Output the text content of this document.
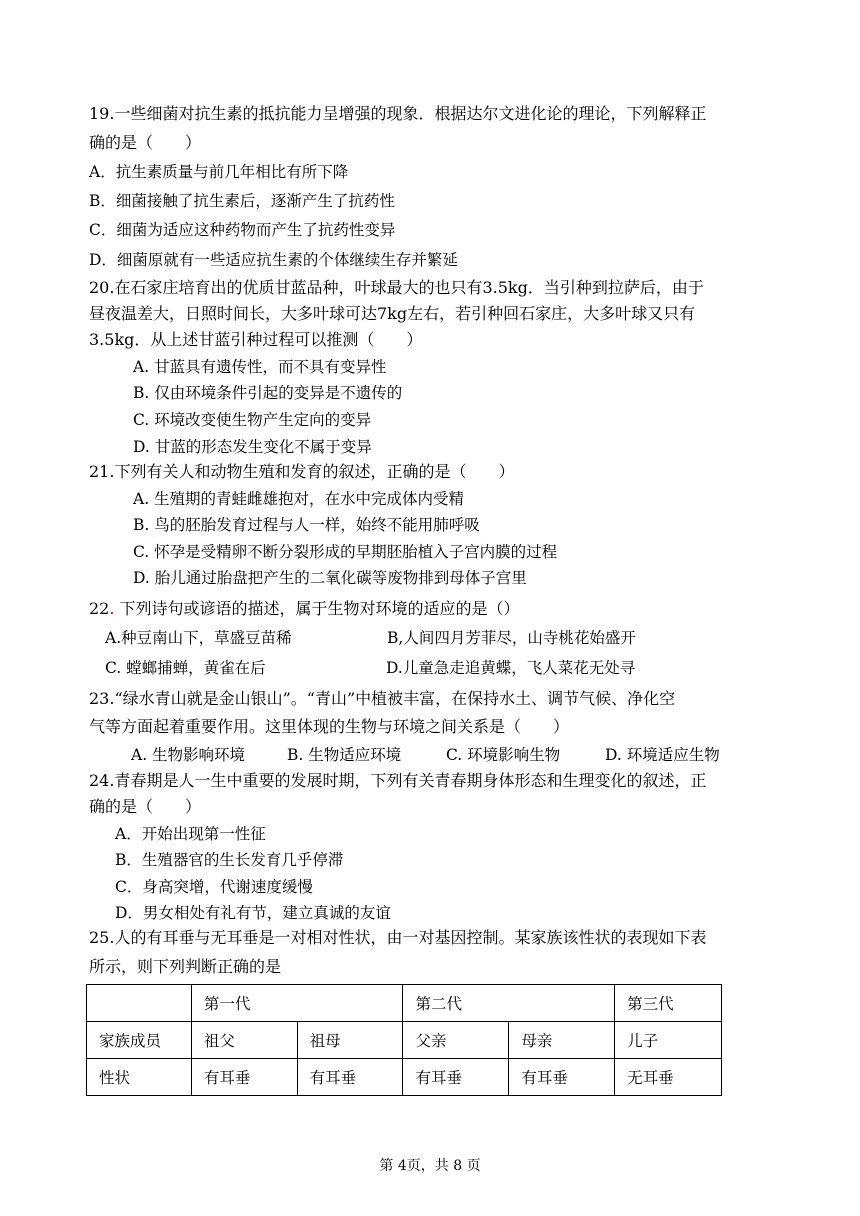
19.一些细菌对抗生素的抵抗能力呈增强的现象．根据达尔文进化论的理论，下列解释正
确的是（　　）
A．抗生素质量与前几年相比有所下降
B．细菌接触了抗生素后，逐渐产生了抗药性
C．细菌为适应这种药物而产生了抗药性变异
D．细菌原就有一些适应抗生素的个体继续生存并繁延
20.在石家庄培育出的优质甘蓝品种，叶球最大的也只有3.5kg．当引种到拉萨后，由于
昼夜温差大，日照时间长，大多叶球可达7kg左右，若引种回石家庄，大多叶球又只有
3.5kg．从上述甘蓝引种过程可以推测（　　）
A. 甘蓝具有遗传性，而不具有变异性
B. 仅由环境条件引起的变异是不遗传的
C. 环境改变使生物产生定向的变异
D. 甘蓝的形态发生变化不属于变异
21.下列有关人和动物生殖和发育的叙述，正确的是（　　）
A. 生殖期的青蛙雌雄抱对，在水中完成体内受精
B. 鸟的胚胎发育过程与人一样，始终不能用肺呼吸
C. 怀孕是受精卵不断分裂形成的早期胚胎植入子宫内膜的过程
D. 胎儿通过胎盘把产生的二氧化碳等废物排到母体子宫里
22. 下列诗句或谚语的描述，属于生物对环境的适应的是（）
A.种豆南山下，草盛豆苗稀	B,人间四月芳菲尽，山寺桃花始盛开
C. 螳螂捕蝉，黄雀在后	D.儿童急走追黄蝶，飞人菜花无处寻
23.“绿水青山就是金山银山”。“青山”中植被丰富，在保持水土、调节气候、净化空
气等方面起着重要作用。这里体现的生物与环境之间关系是（　　）
A. 生物影响环境	B. 生物适应环境	C. 环境影响生物	D. 环境适应生物
24.青春期是人一生中重要的发展时期，下列有关青春期身体形态和生理变化的叙述，正
确的是（　　）
A．开始出现第一性征
B．生殖器官的生长发育几乎停滞
C．身高突增，代谢速度缓慢
D．男女相处有礼有节，建立真诚的友谊
25.人的有耳垂与无耳垂是一对相对性状，由一对基因控制。某家族该性状的表现如下表
所示，则下列判断正确的是
	第一代		第二代		第三代
家族成员	祖父	祖母	父亲	母亲	儿子
性状	有耳垂	有耳垂	有耳垂	有耳垂	无耳垂
第 4页，共 8 页
